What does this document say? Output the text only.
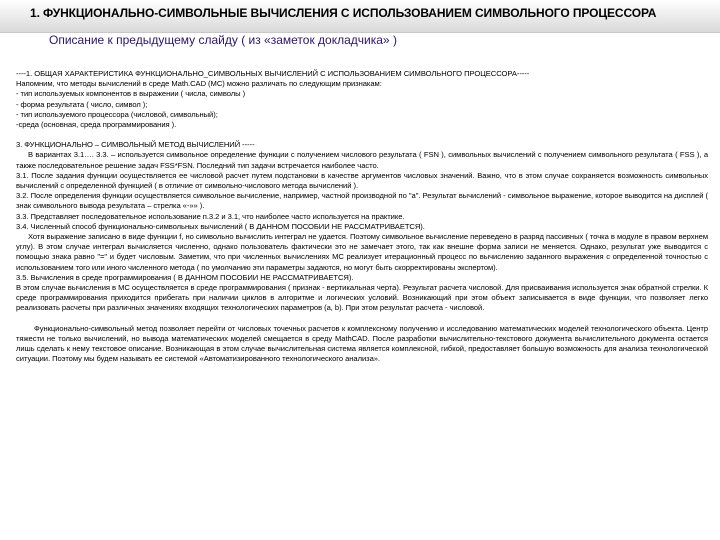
1. ФУНКЦИОНАЛЬНО-СИМВОЛЬНЫЕ ВЫЧИСЛЕНИЯ С ИСПОЛЬЗОВАНИЕМ СИМВОЛЬНОГО ПРОЦЕССОРА
Описание к предыдущему слайду ( из «заметок докладчика» )

----1. ОБЩАЯ ХАРАКТЕРИСТИКА ФУНКЦИОНАЛЬНО_СИМВОЛЬНЫХ ВЫЧИСЛЕНИЙ С ИСПОЛЬЗОВАНИЕМ СИМВОЛЬНОГО ПРОЦЕССОРА-----

Напомним, что методы вычислений в среде Math.CAD (MC) можно различать по следующим признакам:

- тип используемых компонентов в выражении ( числа, символы )

- форма результата ( число, символ );

- тип используемого процессора (числовой, символьный);

-среда (основная, среда программирования ).

3. ФУНКЦИОНАЛЬНО – СИМВОЛЬНЫЙ МЕТОД ВЫЧИСЛЕНИЙ -----

В вариантах 3.1…. 3.3. – используется символьное определение функции с получением числового результата ( FSN ), символьных вычислений с получением символьного результата ( FSS ), а также последовательное решение задач FSS*FSN. Последний тип задачи встречается наиболее часто.

3.1. После задания функции осуществляется ее числовой расчет путем подстановки в качестве аргументов числовых значений. Важно, что в этом случае сохраняется возможность символьных вычислений с определенной функцией ( в отличие от символьно-числового метода вычислений ).

3.2. После определения функции осуществляется символьное вычисление, например, частной производной по "a". Результат вычислений - символьное выражение, которое выводится на дисплей ( знак символьного вывода результата – стрелка «-»» ).

3.3. Представляет последовательное использование п.3.2 и 3.1, что наиболее часто используется на практике.

3.4. Численный способ функционально-символьных вычислений ( В ДАННОМ ПОСОБИИ НЕ РАССМАТРИВАЕТСЯ).

Хотя выражение записано в виде функции f, но символьно вычислить интеграл не удается. Поэтому символьное вычисление переведено в разряд пассивных ( точка в модуле в правом верхнем углу). В этом случае интеграл вычисляется численно, однако пользователь фактически это не замечает этого, так как внешне форма записи не меняется. Однако, результат уже выводится с помощью знака равно "=" и будет числовым. Заметим, что при численных вычислениях МС реализует итерационный процесс по вычислению заданного выражения с определенной точностью с использованием того или иного численного метода ( по умолчанию эти параметры задаются, но могут быть скорректированы экспертом).

3.5. Вычисления в среде программирования ( В ДАННОМ ПОСОБИИ НЕ РАССМАТРИВАЕТСЯ).

В этом случае вычисления в МС осуществляется в среде программирования ( признак - вертикальная черта). Результат расчета числовой. Для присваивания используется знак обратной стрелки. К среде программирования приходится прибегать при наличии циклов в алгоритме и логических условий. Возникающий при этом объект записывается в виде функции, что позволяет легко реализовать расчеты при различных значениях входящих технологических параметров (a, b). При этом результат расчета - числовой.

Функционально-символьный метод позволяет перейти от числовых точечных расчетов к комплексному получению и исследованию математических моделей технологического объекта. Центр тяжести не только вычислений, но вывода математических моделей смещается в среду MathCAD. После разработки вычислительно-текстового документа вычислительного документа остается лишь сделать к нему текстовое описание. Возникающая в этом случае вычислительная система является комплексной, гибкой, предоставляет большую возможность для анализа технологической ситуации. Поэтому мы будем называть ее системой «Автоматизированного технологического анализа».
